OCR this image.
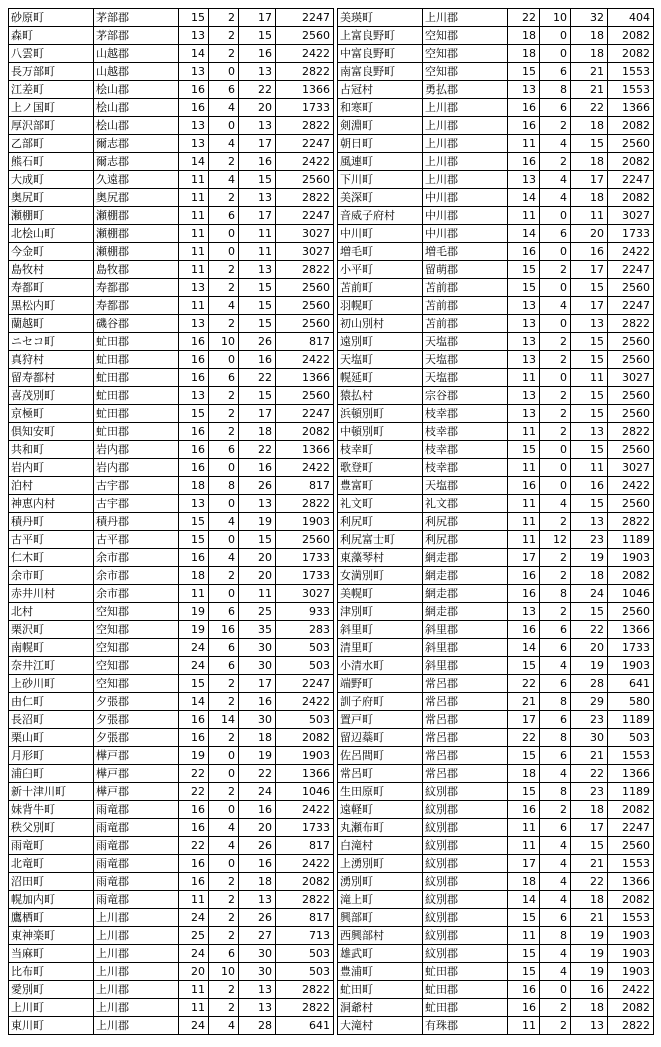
砂原町	茅部郡	15	2	17	2247
森町	茅部郡	13	2	15	2560
八雲町	山越郡	14	2	16	2422
長万部町	山越郡	13	0	13	2822
江差町	桧山郡	16	6	22	1366
上ノ国町	桧山郡	16	4	20	1733
厚沢部町	桧山郡	13	0	13	2822
乙部町	爾志郡	13	4	17	2247
熊石町	爾志郡	14	2	16	2422
大成町	久遠郡	11	4	15	2560
奥尻町	奥尻郡	11	2	13	2822
瀬棚町	瀬棚郡	11	6	17	2247
北桧山町	瀬棚郡	11	0	11	3027
今金町	瀬棚郡	11	0	11	3027
島牧村	島牧郡	11	2	13	2822
寿都町	寿都郡	13	2	15	2560
黒松内町	寿都郡	11	4	15	2560
蘭越町	磯谷郡	13	2	15	2560
ニセコ町	虻田郡	16	10	26	817
真狩村	虻田郡	16	0	16	2422
留寿都村	虻田郡	16	6	22	1366
喜茂別町	虻田郡	13	2	15	2560
京極町	虻田郡	15	2	17	2247
倶知安町	虻田郡	16	2	18	2082
共和町	岩内郡	16	6	22	1366
岩内町	岩内郡	16	0	16	2422
泊村	古宇郡	18	8	26	817
神恵内村	古宇郡	13	0	13	2822
積丹町	積丹郡	15	4	19	1903
古平町	古平郡	15	0	15	2560
仁木町	余市郡	16	4	20	1733
余市町	余市郡	18	2	20	1733
赤井川村	余市郡	11	0	11	3027
北村	空知郡	19	6	25	933
栗沢町	空知郡	19	16	35	283
南幌町	空知郡	24	6	30	503
奈井江町	空知郡	24	6	30	503
上砂川町	空知郡	15	2	17	2247
由仁町	夕張郡	14	2	16	2422
長沼町	夕張郡	16	14	30	503
栗山町	夕張郡	16	2	18	2082
月形町	樺戸郡	19	0	19	1903
浦臼町	樺戸郡	22	0	22	1366
新十津川町	樺戸郡	22	2	24	1046
妹背牛町	雨竜郡	16	0	16	2422
秩父別町	雨竜郡	16	4	20	1733
雨竜町	雨竜郡	22	4	26	817
北竜町	雨竜郡	16	0	16	2422
沼田町	雨竜郡	16	2	18	2082
幌加内町	雨竜郡	11	2	13	2822
鷹栖町	上川郡	24	2	26	817
東神楽町	上川郡	25	2	27	713
当麻町	上川郡	24	6	30	503
比布町	上川郡	20	10	30	503
愛別町	上川郡	11	2	13	2822
上川町	上川郡	11	2	13	2822
東川町	上川郡	24	4	28	641
美瑛町	上川郡	22	10	32	404
上富良野町	空知郡	18	0	18	2082
中富良野町	空知郡	18	0	18	2082
南富良野町	空知郡	15	6	21	1553
占冠村	勇払郡	13	8	21	1553
和寒町	上川郡	16	6	22	1366
剣淵町	上川郡	16	2	18	2082
朝日町	上川郡	11	4	15	2560
風連町	上川郡	16	2	18	2082
下川町	上川郡	13	4	17	2247
美深町	中川郡	14	4	18	2082
音威子府村	中川郡	11	0	11	3027
中川町	中川郡	14	6	20	1733
増毛町	増毛郡	16	0	16	2422
小平町	留萌郡	15	2	17	2247
苫前町	苫前郡	15	0	15	2560
羽幌町	苫前郡	13	4	17	2247
初山別村	苫前郡	13	0	13	2822
遠別町	天塩郡	13	2	15	2560
天塩町	天塩郡	13	2	15	2560
幌延町	天塩郡	11	0	11	3027
猿払村	宗谷郡	13	2	15	2560
浜頓別町	枝幸郡	13	2	15	2560
中頓別町	枝幸郡	11	2	13	2822
枝幸町	枝幸郡	15	0	15	2560
歌登町	枝幸郡	11	0	11	3027
豊富町	天塩郡	16	0	16	2422
礼文町	礼文郡	11	4	15	2560
利尻町	利尻郡	11	2	13	2822
利尻富士町	利尻郡	11	12	23	1189
東藻琴村	網走郡	17	2	19	1903
女満別町	網走郡	16	2	18	2082
美幌町	網走郡	16	8	24	1046
津別町	網走郡	13	2	15	2560
斜里町	斜里郡	16	6	22	1366
清里町	斜里郡	14	6	20	1733
小清水町	斜里郡	15	4	19	1903
端野町	常呂郡	22	6	28	641
訓子府町	常呂郡	21	8	29	580
置戸町	常呂郡	17	6	23	1189
留辺蘂町	常呂郡	22	8	30	503
佐呂間町	常呂郡	15	6	21	1553
常呂町	常呂郡	18	4	22	1366
生田原町	紋別郡	15	8	23	1189
遠軽町	紋別郡	16	2	18	2082
丸瀬布町	紋別郡	11	6	17	2247
白滝村	紋別郡	11	4	15	2560
上湧別町	紋別郡	17	4	21	1553
湧別町	紋別郡	18	4	22	1366
滝上町	紋別郡	14	4	18	2082
興部町	紋別郡	15	6	21	1553
西興部村	紋別郡	11	8	19	1903
雄武町	紋別郡	15	4	19	1903
豊浦町	虻田郡	15	4	19	1903
虻田町	虻田郡	16	0	16	2422
洞爺村	虻田郡	16	2	18	2082
大滝村	有珠郡	11	2	13	2822
